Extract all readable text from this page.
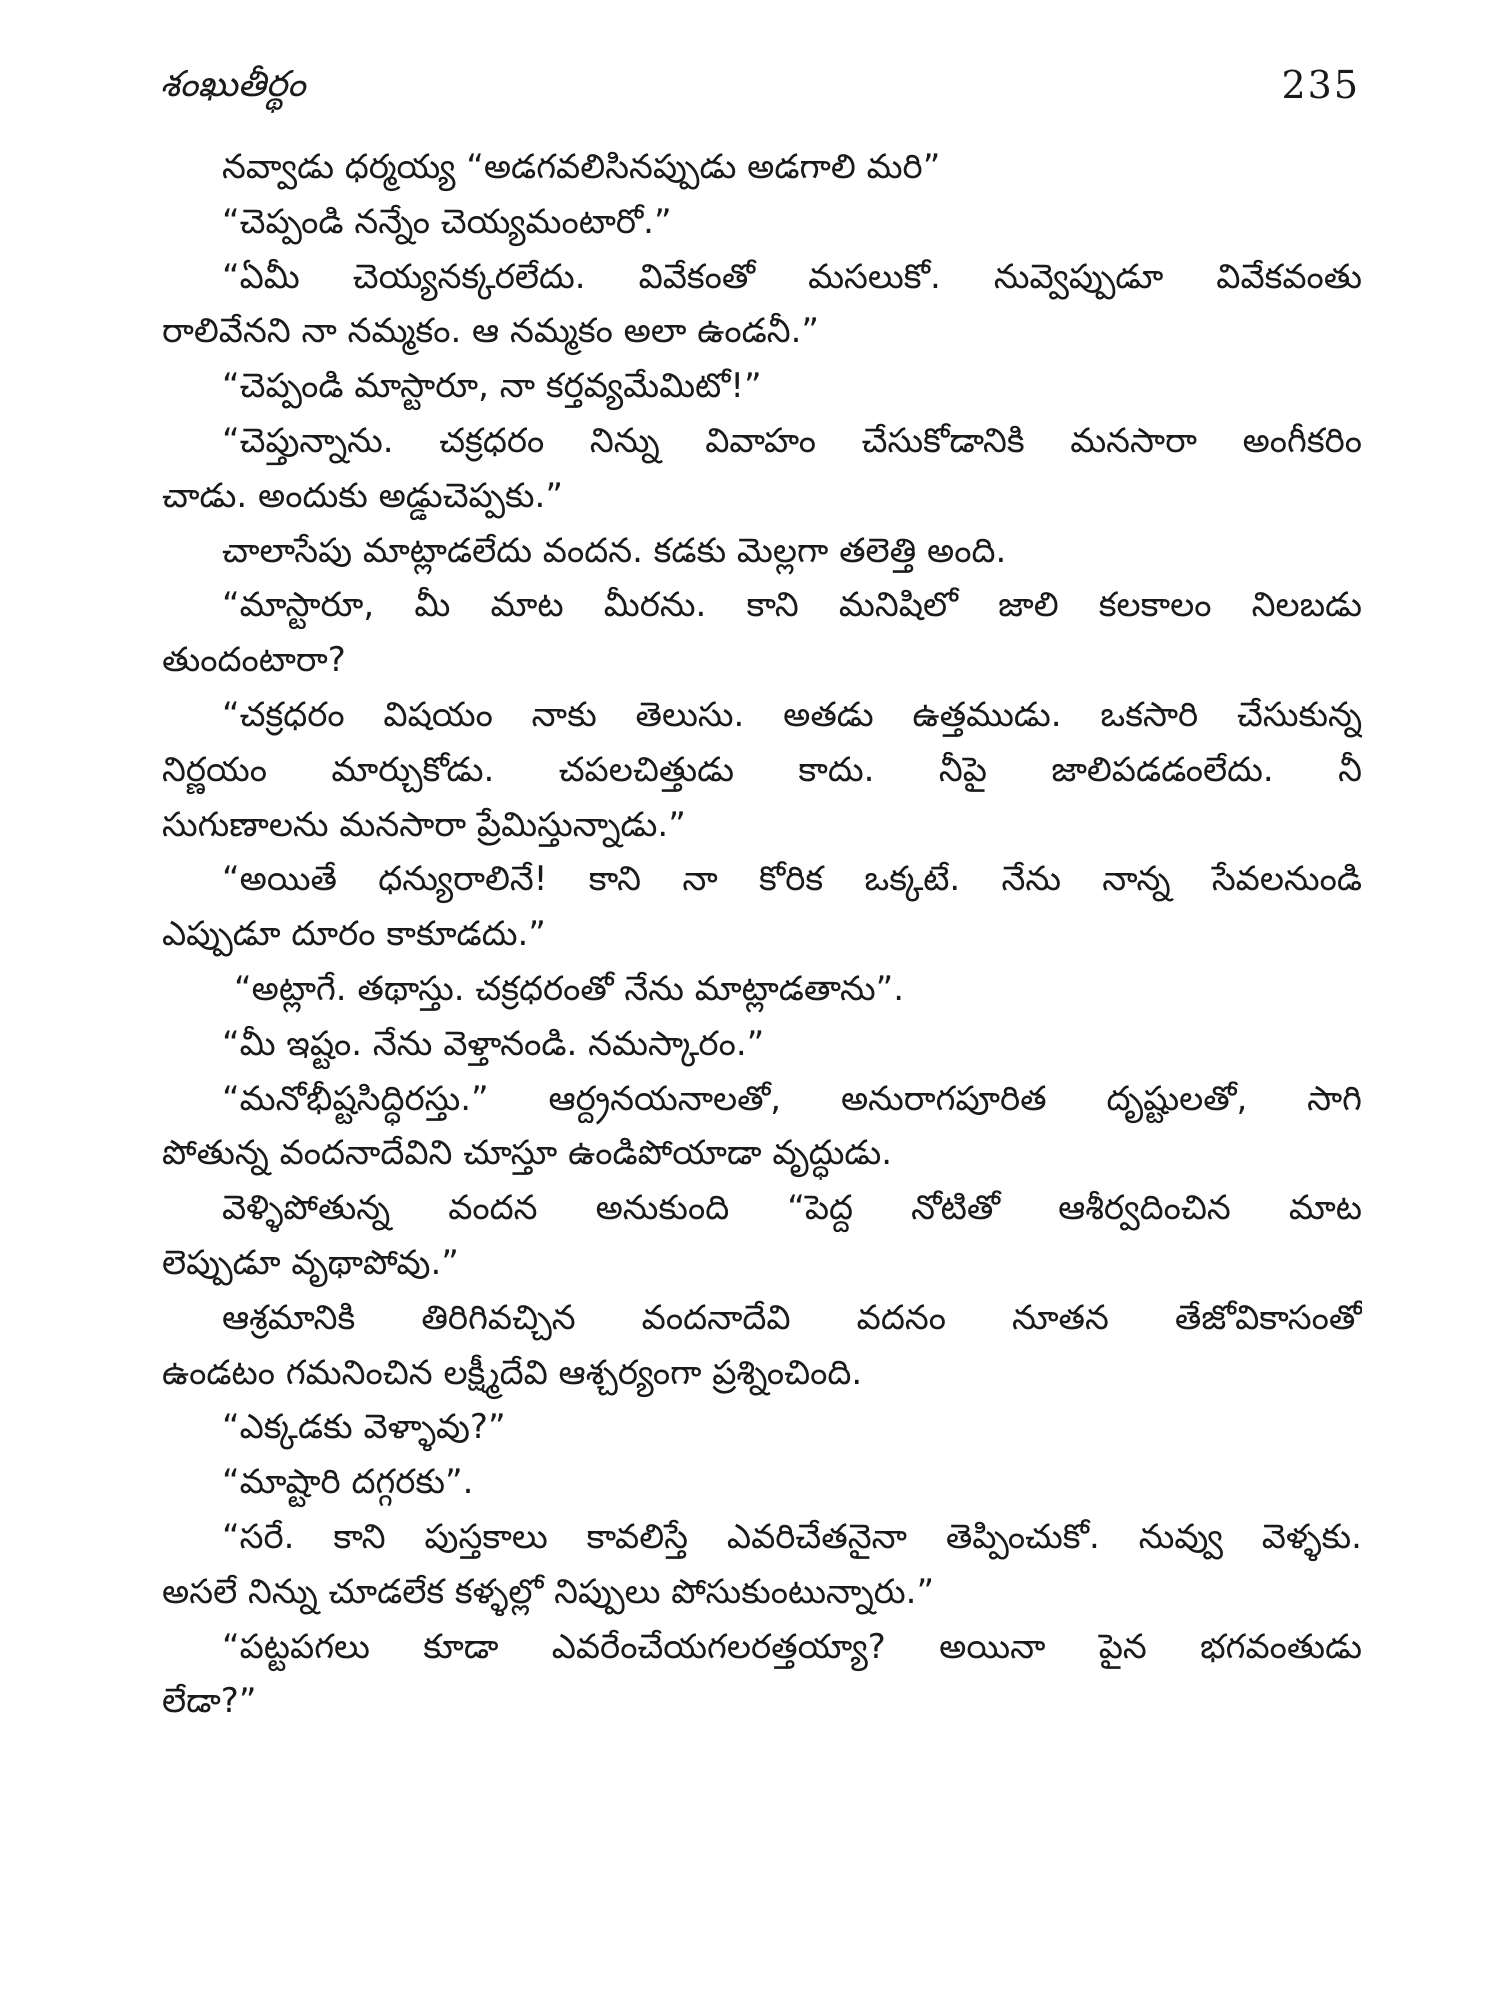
శంఖుతీర్థం	235
నవ్వాడు ధర్మయ్య “అడగవలిసినప్పుడు అడగాలి మరి”
“చెప్పండి నన్నేం చెయ్యమంటారో.”
“ఏమీ చెయ్యనక్కరలేదు. వివేకంతో మసలుకో. నువ్వెప్పుడూ వివేకవంతు
రాలివేనని నా నమ్మకం. ఆ నమ్మకం అలా ఉండనీ.”
“చెప్పండి మాస్టారూ, నా కర్తవ్యమేమిటో!”
“చెప్తున్నాను. చక్రధరం నిన్ను వివాహం చేసుకోడానికి మనసారా అంగీకరిం
చాడు. అందుకు అడ్డుచెప్పకు.”
చాలాసేపు మాట్లాడలేదు వందన. కడకు మెల్లగా తలెత్తి అంది.
“మాస్టారూ, మీ మాట మీరను. కాని మనిషిలో జాలి కలకాలం నిలబడు
తుందంటారా?
“చక్రధరం విషయం నాకు తెలుసు. అతడు ఉత్తముడు. ఒకసారి చేసుకున్న
నిర్ణయం మార్చుకోడు. చపలచిత్తుడు కాదు. నీపై జాలిపడడంలేదు. నీ
సుగుణాలను మనసారా ప్రేమిస్తున్నాడు.”
“అయితే ధన్యురాలినే! కాని నా కోరిక ఒక్కటే. నేను నాన్న సేవలనుండి
ఎప్పుడూ దూరం కాకూడదు.”
“అట్లాగే. తథాస్తు. చక్రధరంతో నేను మాట్లాడతాను”.
“మీ ఇష్టం. నేను వెళ్తానండి. నమస్కారం.”
“మనోభీష్టసిద్ధిరస్తు.” ఆర్ద్రనయనాలతో, అనురాగపూరిత దృష్టులతో, సాగి
పోతున్న వందనాదేవిని చూస్తూ ఉండిపోయాడా వృద్ధుడు.
వెళ్ళిపోతున్న వందన అనుకుంది “పెద్ద నోటితో ఆశీర్వదించిన మాట
లెప్పుడూ వృథాపోవు.”
ఆశ్రమానికి తిరిగివచ్చిన వందనాదేవి వదనం నూతన తేజోవికాసంతో
ఉండటం గమనించిన లక్ష్మీదేవి ఆశ్చర్యంగా ప్రశ్నించింది.
“ఎక్కడకు వెళ్ళావు?”
“మాష్టారి దగ్గరకు”.
“సరే. కాని పుస్తకాలు కావలిస్తే ఎవరిచేతనైనా తెప్పించుకో. నువ్వు వెళ్ళకు.
అసలే నిన్ను చూడలేక కళ్ళల్లో నిప్పులు పోసుకుంటున్నారు.”
“పట్టపగలు కూడా ఎవరేంచేయగలరత్తయ్యా? అయినా పైన భగవంతుడు
లేడా?”
